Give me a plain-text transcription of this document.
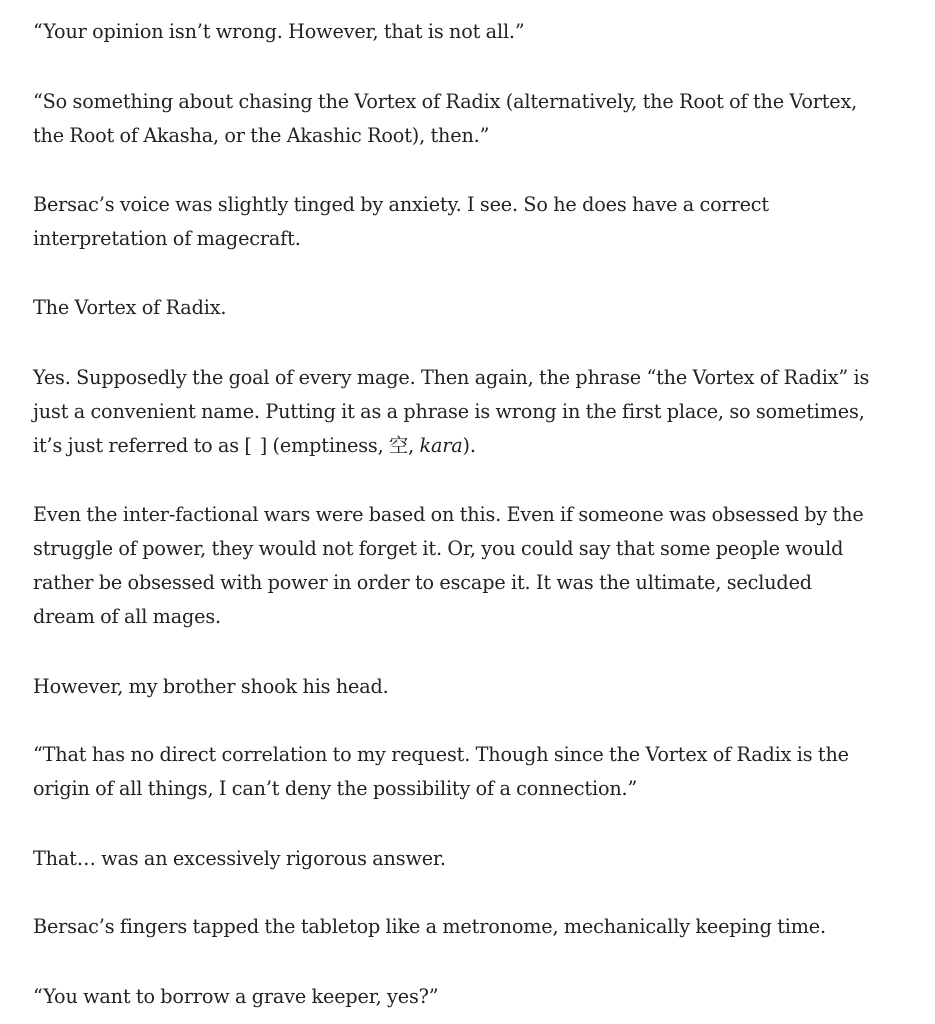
“Your opinion isn’t wrong. However, that is not all.”

“So something about chasing the Vortex of Radix (alternatively, the Root of the Vortex,
the Root of Akasha, or the Akashic Root), then.”

Bersac’s voice was slightly tinged by anxiety. I see. So he does have a correct
interpretation of magecraft.

The Vortex of Radix.

Yes. Supposedly the goal of every mage. Then again, the phrase “the Vortex of Radix” is
just a convenient name. Putting it as a phrase is wrong in the first place, so sometimes,
it’s just referred to as [ ] (emptiness, 空, kara).

Even the inter-factional wars were based on this. Even if someone was obsessed by the
struggle of power, they would not forget it. Or, you could say that some people would
rather be obsessed with power in order to escape it. It was the ultimate, secluded
dream of all mages.

However, my brother shook his head.

“That has no direct correlation to my request. Though since the Vortex of Radix is the
origin of all things, I can’t deny the possibility of a connection.”

That… was an excessively rigorous answer.

Bersac’s fingers tapped the tabletop like a metronome, mechanically keeping time.

“You want to borrow a grave keeper, yes?”
